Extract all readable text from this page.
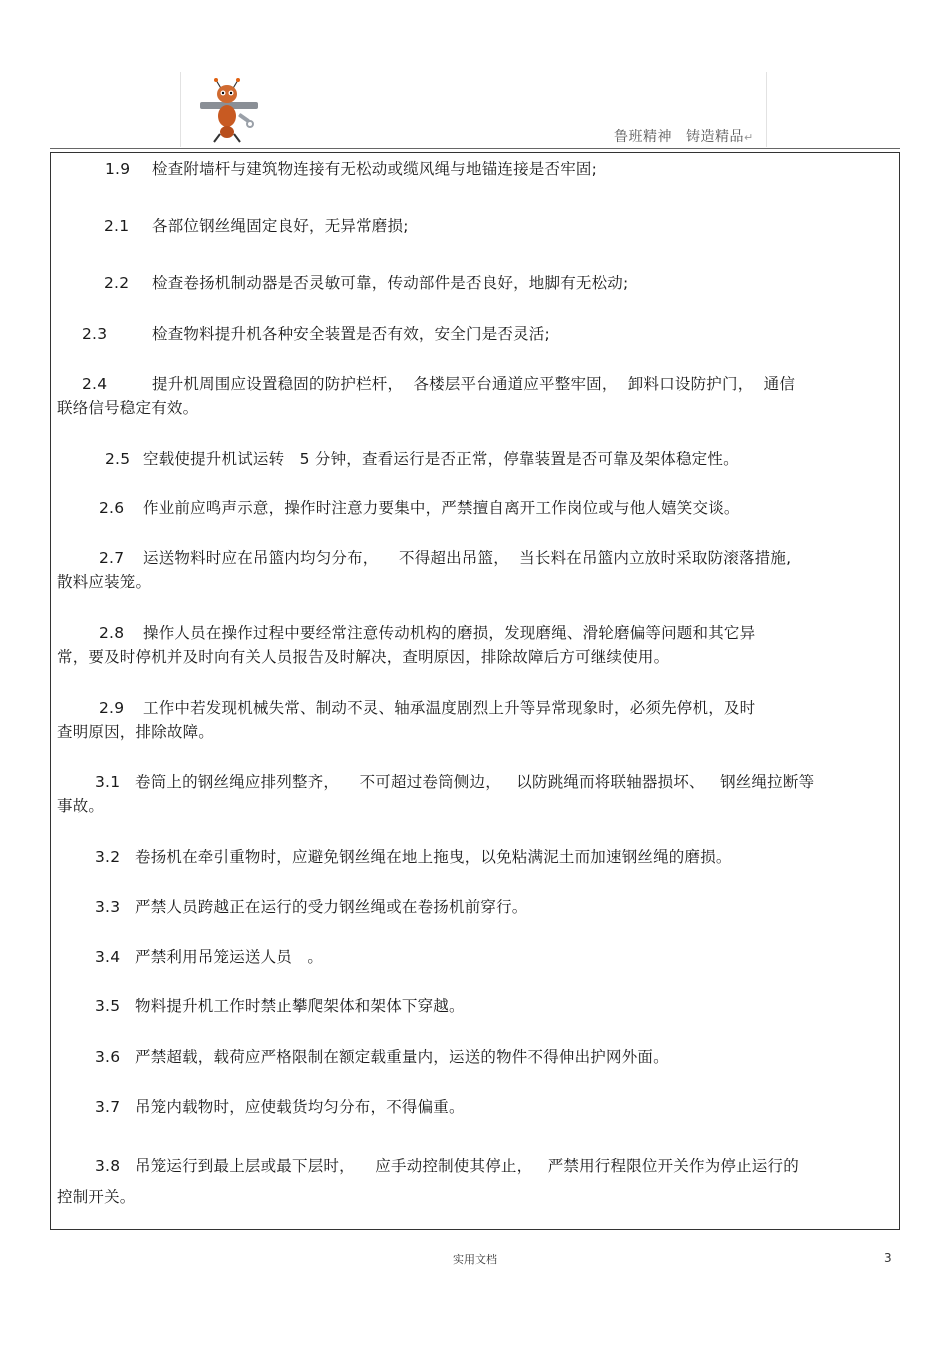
鲁班精神 铸造精品↵
1.9 检查附墙杆与建筑物连接有无松动或缆风绳与地锚连接是否牢固;
2.1 各部位钢丝绳固定良好，无异常磨损;
2.2 检查卷扬机制动器是否灵敏可靠，传动部件是否良好，地脚有无松动;
2.3	检查物料提升机各种安全装置是否有效，安全门是否灵活;
2.4	提升机周围应设置稳固的防护栏杆，  各楼层平台通道应平整牢固，  卸料口设防护门，  通信
联络信号稳定有效。
2.5 空载使提升机试运转   5 分钟，查看运行是否正常，停靠装置是否可靠及架体稳定性。
2.6 作业前应鸣声示意，操作时注意力要集中，严禁擅自离开工作岗位或与他人嬉笑交谈。
2.7 运送物料时应在吊篮内均匀分布，    不得超出吊篮，  当长料在吊篮内立放时采取防滚落措施,
散料应装笼。
2.8 操作人员在操作过程中要经常注意传动机构的磨损，发现磨绳、滑轮磨偏等问题和其它异
常，要及时停机并及时向有关人员报告及时解决，查明原因，排除故障后方可继续使用。
2.9 工作中若发现机械失常、制动不灵、轴承温度剧烈上升等异常现象时，必须先停机，及时
查明原因，排除故障。
3.1 卷筒上的钢丝绳应排列整齐，    不可超过卷筒侧边，   以防跳绳而将联轴器损坏、   钢丝绳拉断等
事故。
3.2 卷扬机在牵引重物时，应避免钢丝绳在地上拖曳，以免粘满泥土而加速钢丝绳的磨损。
3.3 严禁人员跨越正在运行的受力钢丝绳或在卷扬机前穿行。
3.4 严禁利用吊笼运送人员   。
3.5 物料提升机工作时禁止攀爬架体和架体下穿越。
3.6 严禁超载，载荷应严格限制在额定载重量内，运送的物件不得伸出护网外面。
3.7 吊笼内载物时，应使载货均匀分布，不得偏重。
3.8 吊笼运行到最上层或最下层时，    应手动控制使其停止，   严禁用行程限位开关作为停止运行的
控制开关。
实用文档	3
